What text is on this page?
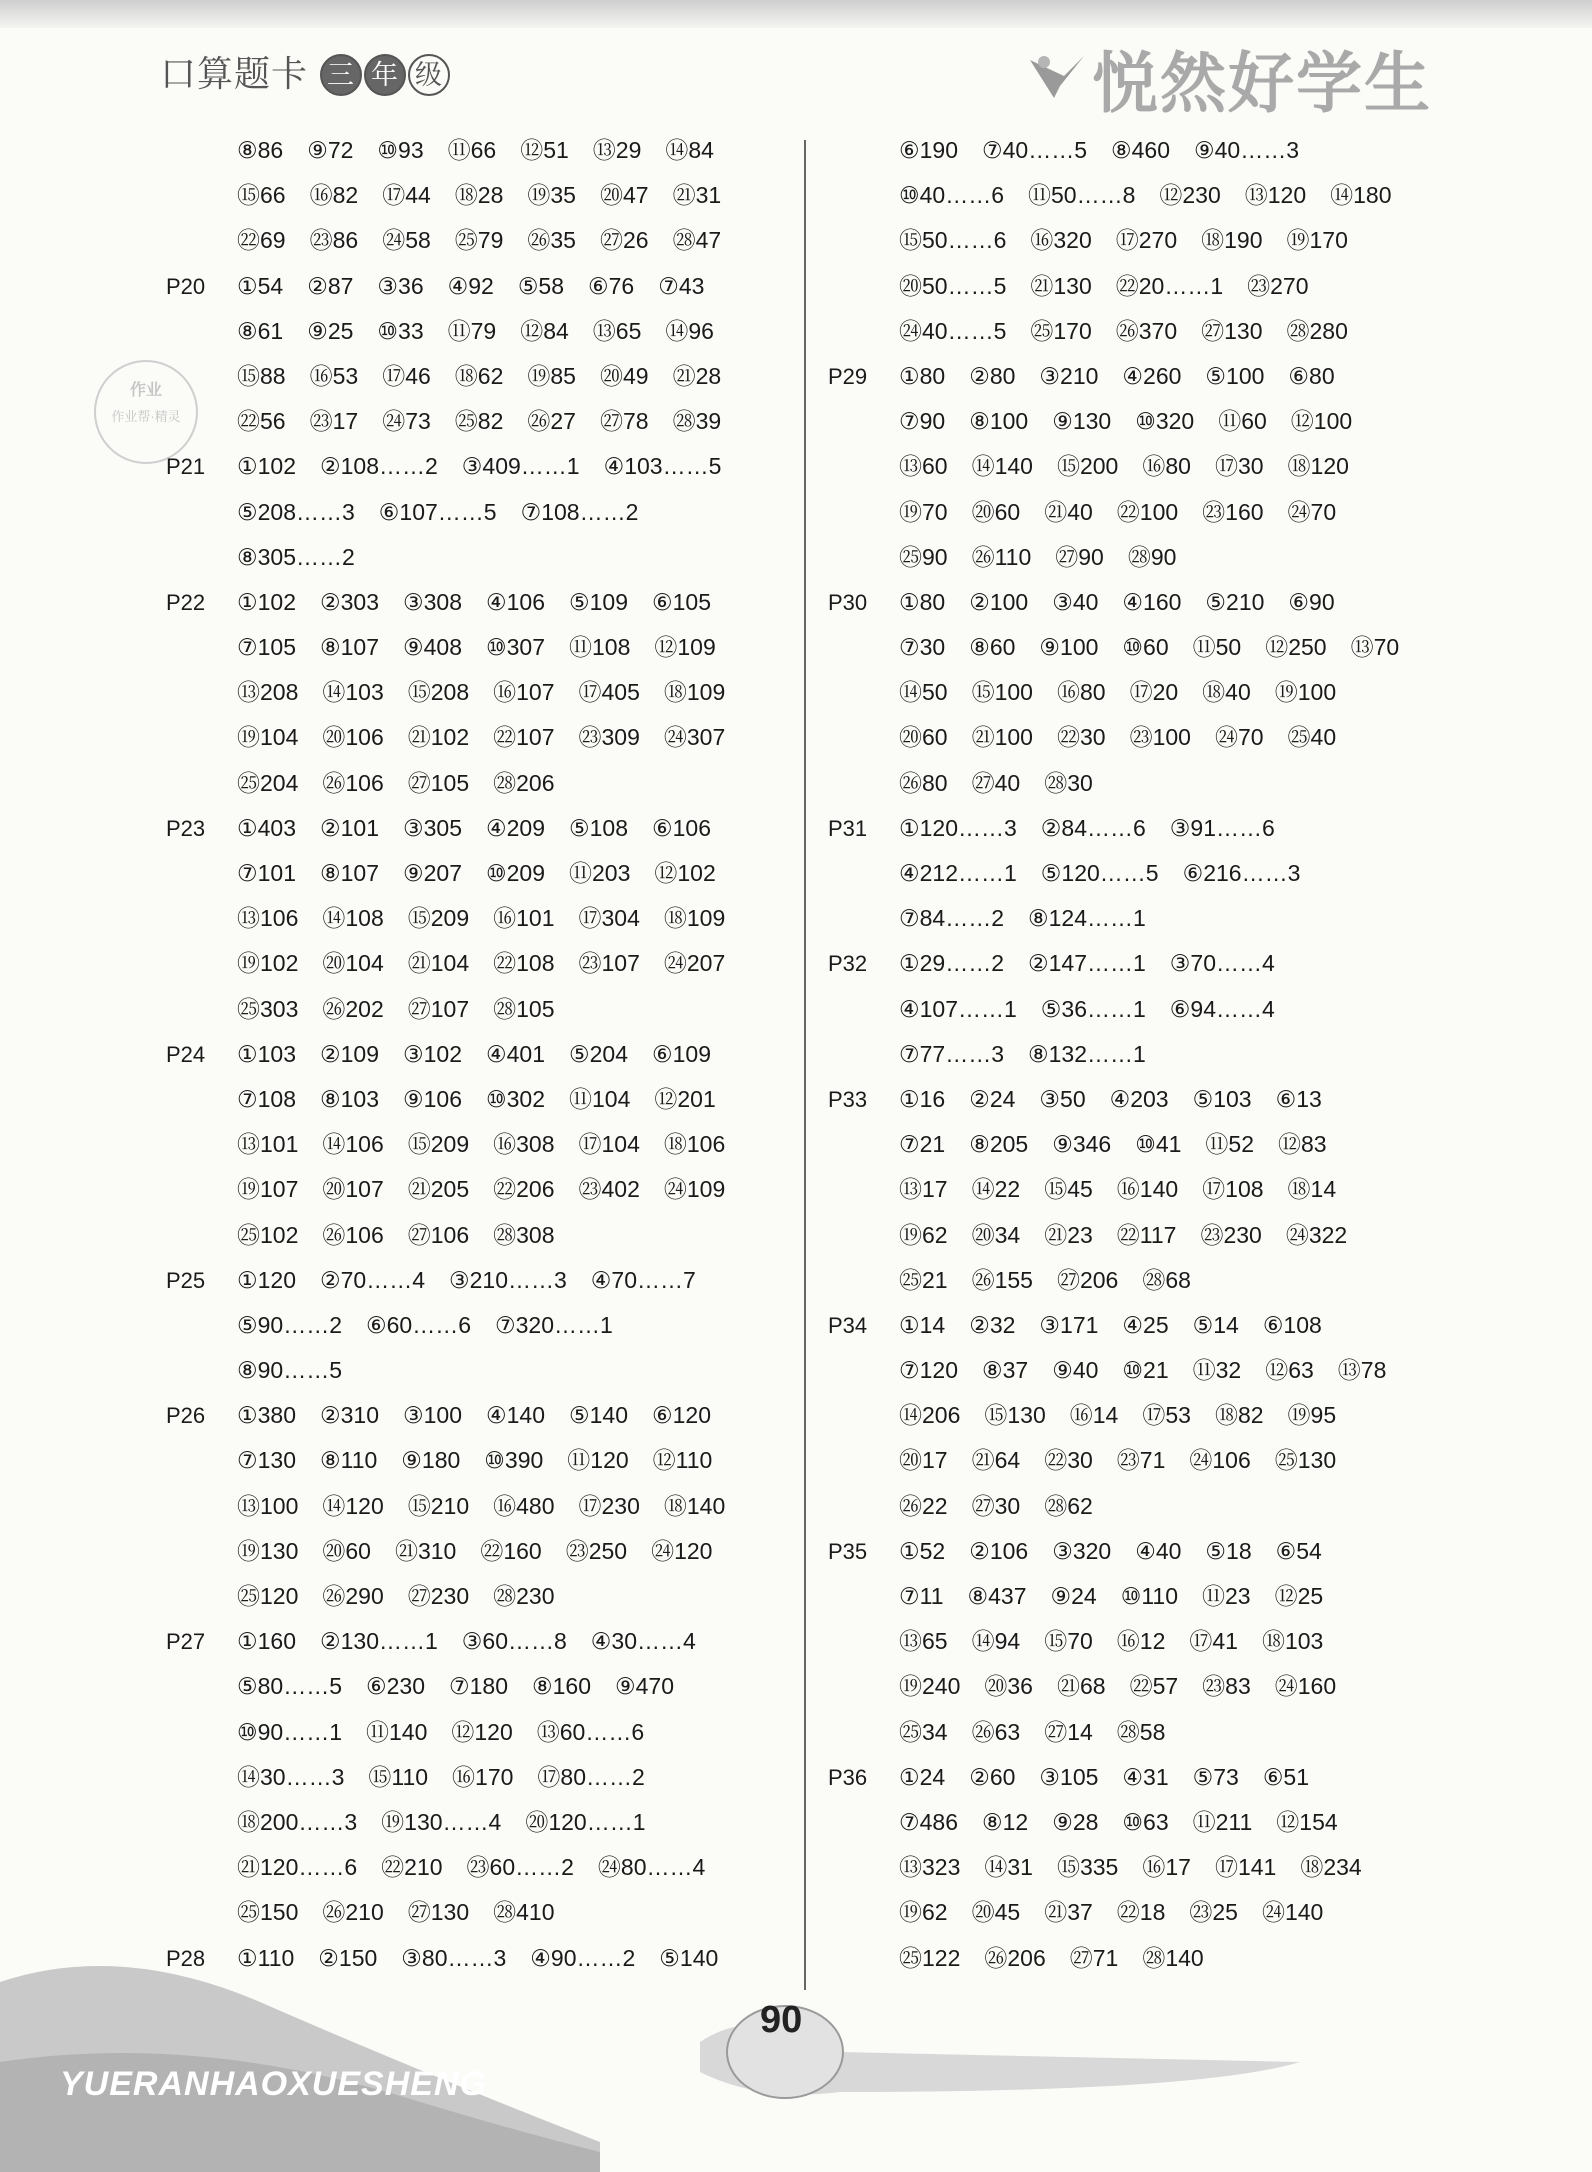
口算题卡 三 年 级	悦然好学生
作业
作业帮·精灵
⑧86 ⑨72 ⑩93 ⑪66 ⑫51 ⑬29 ⑭84
⑮66 ⑯82 ⑰44 ⑱28 ⑲35 ⑳47 ㉑31
㉒69 ㉓86 ㉔58 ㉕79 ㉖35 ㉗26 ㉘47
P20 ①54 ②87 ③36 ④92 ⑤58 ⑥76 ⑦43
⑧61 ⑨25 ⑩33 ⑪79 ⑫84 ⑬65 ⑭96
⑮88 ⑯53 ⑰46 ⑱62 ⑲85 ⑳49 ㉑28
㉒56 ㉓17 ㉔73 ㉕82 ㉖27 ㉗78 ㉘39
P21 ①102 ②108……2 ③409……1 ④103……5
⑤208……3 ⑥107……5 ⑦108……2
⑧305……2
P22 ①102 ②303 ③308 ④106 ⑤109 ⑥105
⑦105 ⑧107 ⑨408 ⑩307 ⑪108 ⑫109
⑬208 ⑭103 ⑮208 ⑯107 ⑰405 ⑱109
⑲104 ⑳106 ㉑102 ㉒107 ㉓309 ㉔307
㉕204 ㉖106 ㉗105 ㉘206
P23 ①403 ②101 ③305 ④209 ⑤108 ⑥106
⑦101 ⑧107 ⑨207 ⑩209 ⑪203 ⑫102
⑬106 ⑭108 ⑮209 ⑯101 ⑰304 ⑱109
⑲102 ⑳104 ㉑104 ㉒108 ㉓107 ㉔207
㉕303 ㉖202 ㉗107 ㉘105
P24 ①103 ②109 ③102 ④401 ⑤204 ⑥109
⑦108 ⑧103 ⑨106 ⑩302 ⑪104 ⑫201
⑬101 ⑭106 ⑮209 ⑯308 ⑰104 ⑱106
⑲107 ⑳107 ㉑205 ㉒206 ㉓402 ㉔109
㉕102 ㉖106 ㉗106 ㉘308
P25 ①120 ②70……4 ③210……3 ④70……7
⑤90……2 ⑥60……6 ⑦320……1
⑧90……5
P26 ①380 ②310 ③100 ④140 ⑤140 ⑥120
⑦130 ⑧110 ⑨180 ⑩390 ⑪120 ⑫110
⑬100 ⑭120 ⑮210 ⑯480 ⑰230 ⑱140
⑲130 ⑳60 ㉑310 ㉒160 ㉓250 ㉔120
㉕120 ㉖290 ㉗230 ㉘230
P27 ①160 ②130……1 ③60……8 ④30……4
⑤80……5 ⑥230 ⑦180 ⑧160 ⑨470
⑩90……1 ⑪140 ⑫120 ⑬60……6
⑭30……3 ⑮110 ⑯170 ⑰80……2
⑱200……3 ⑲130……4 ⑳120……1
㉑120……6 ㉒210 ㉓60……2 ㉔80……4
㉕150 ㉖210 ㉗130 ㉘410
P28 ①110 ②150 ③80……3 ④90……2 ⑤140
⑥190 ⑦40……5 ⑧460 ⑨40……3
⑩40……6 ⑪50……8 ⑫230 ⑬120 ⑭180
⑮50……6 ⑯320 ⑰270 ⑱190 ⑲170
⑳50……5 ㉑130 ㉒20……1 ㉓270
㉔40……5 ㉕170 ㉖370 ㉗130 ㉘280
P29 ①80 ②80 ③210 ④260 ⑤100 ⑥80
⑦90 ⑧100 ⑨130 ⑩320 ⑪60 ⑫100
⑬60 ⑭140 ⑮200 ⑯80 ⑰30 ⑱120
⑲70 ⑳60 ㉑40 ㉒100 ㉓160 ㉔70
㉕90 ㉖110 ㉗90 ㉘90
P30 ①80 ②100 ③40 ④160 ⑤210 ⑥90
⑦30 ⑧60 ⑨100 ⑩60 ⑪50 ⑫250 ⑬70
⑭50 ⑮100 ⑯80 ⑰20 ⑱40 ⑲100
⑳60 ㉑100 ㉒30 ㉓100 ㉔70 ㉕40
㉖80 ㉗40 ㉘30
P31 ①120……3 ②84……6 ③91……6
④212……1 ⑤120……5 ⑥216……3
⑦84……2 ⑧124……1
P32 ①29……2 ②147……1 ③70……4
④107……1 ⑤36……1 ⑥94……4
⑦77……3 ⑧132……1
P33 ①16 ②24 ③50 ④203 ⑤103 ⑥13
⑦21 ⑧205 ⑨346 ⑩41 ⑪52 ⑫83
⑬17 ⑭22 ⑮45 ⑯140 ⑰108 ⑱14
⑲62 ⑳34 ㉑23 ㉒117 ㉓230 ㉔322
㉕21 ㉖155 ㉗206 ㉘68
P34 ①14 ②32 ③171 ④25 ⑤14 ⑥108
⑦120 ⑧37 ⑨40 ⑩21 ⑪32 ⑫63 ⑬78
⑭206 ⑮130 ⑯14 ⑰53 ⑱82 ⑲95
⑳17 ㉑64 ㉒30 ㉓71 ㉔106 ㉕130
㉖22 ㉗30 ㉘62
P35 ①52 ②106 ③320 ④40 ⑤18 ⑥54
⑦11 ⑧437 ⑨24 ⑩110 ⑪23 ⑫25
⑬65 ⑭94 ⑮70 ⑯12 ⑰41 ⑱103
⑲240 ⑳36 ㉑68 ㉒57 ㉓83 ㉔160
㉕34 ㉖63 ㉗14 ㉘58
P36 ①24 ②60 ③105 ④31 ⑤73 ⑥51
⑦486 ⑧12 ⑨28 ⑩63 ⑪211 ⑫154
⑬323 ⑭31 ⑮335 ⑯17 ⑰141 ⑱234
⑲62 ⑳45 ㉑37 ㉒18 ㉓25 ㉔140
㉕122 ㉖206 ㉗71 ㉘140
90
YUERANHAOXUESHENG
